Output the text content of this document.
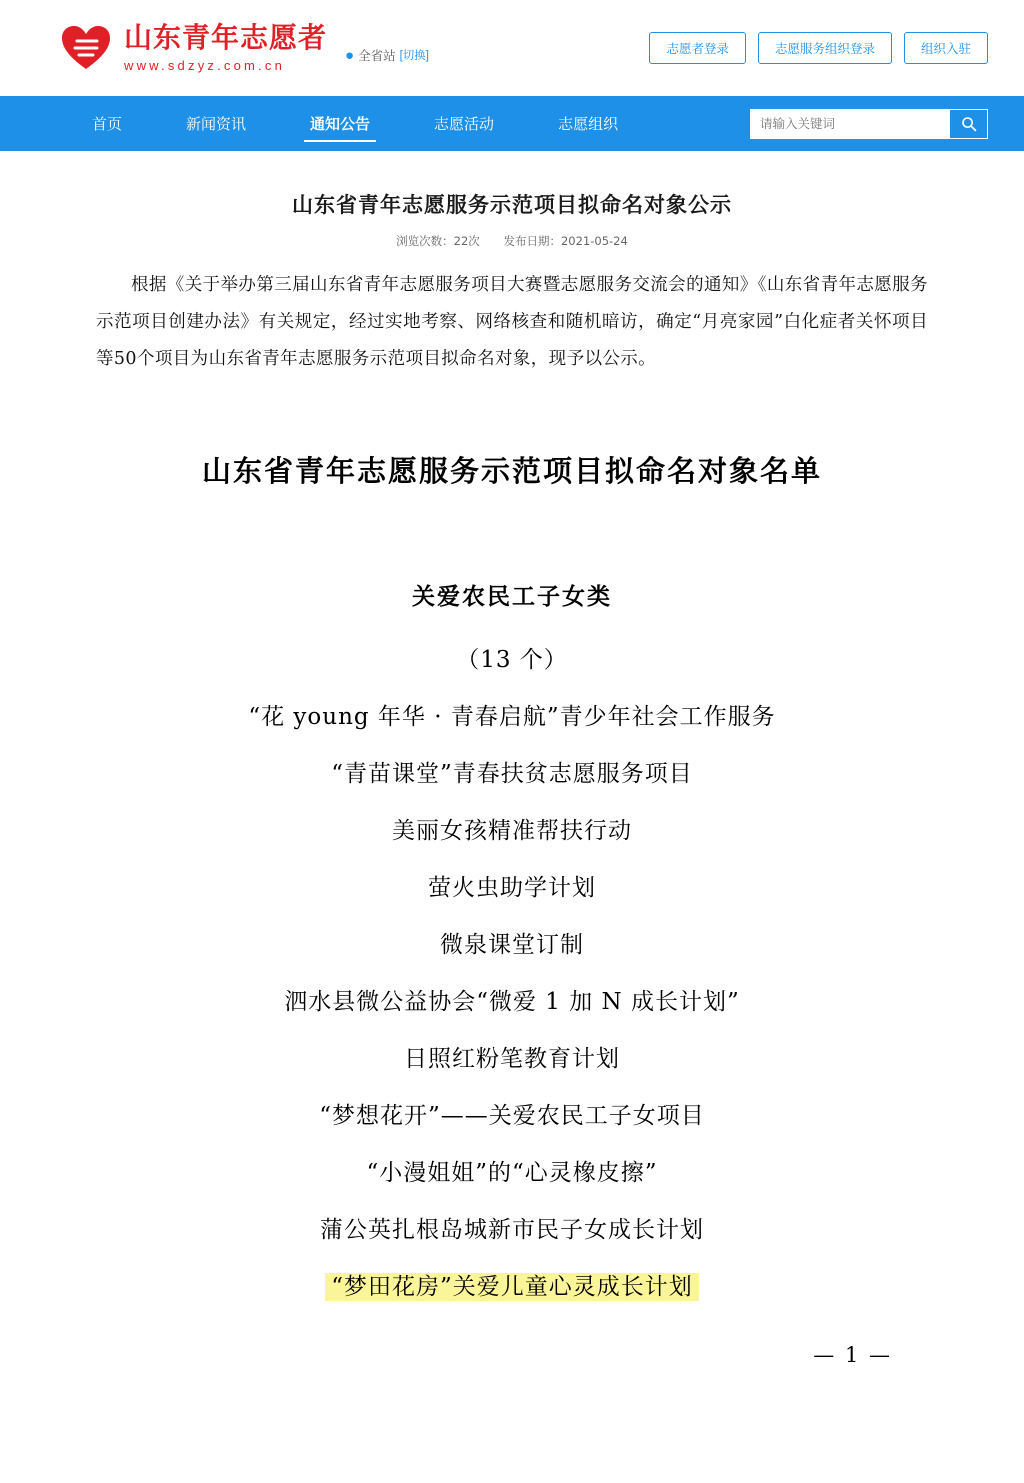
山东青年志愿者
www.sdzyz.com.cn
● 全省站 [切换]	志愿者登录	志愿服务组织登录	组织入驻
首页	新闻资讯	通知公告	志愿活动	志愿组织
请输入关键词
山东省青年志愿服务示范项目拟命名对象公示
浏览次数：22次 发布日期：2021-05-24

根据《关于举办第三届山东省青年志愿服务项目大赛暨志愿服务交流会的通知》《山东省青年志愿服务示范项目创建办法》有关规定，经过实地考察、网络核查和随机暗访，确定“月亮家园”白化症者关怀项目等50个项目为山东省青年志愿服务示范项目拟命名对象，现予以公示。

山东省青年志愿服务示范项目拟命名对象名单
关爱农民工子女类
（13 个）
“花 young 年华 · 青春启航”青少年社会工作服务
“青苗课堂”青春扶贫志愿服务项目
美丽女孩精准帮扶行动
萤火虫助学计划
微泉课堂订制
泗水县微公益协会“微爱 1 加 N 成长计划”
日照红粉笔教育计划
“梦想花开”——关爱农民工子女项目
“小漫姐姐”的“心灵橡皮擦”
蒲公英扎根岛城新市民子女成长计划
“梦田花房”关爱儿童心灵成长计划
— 1 —
